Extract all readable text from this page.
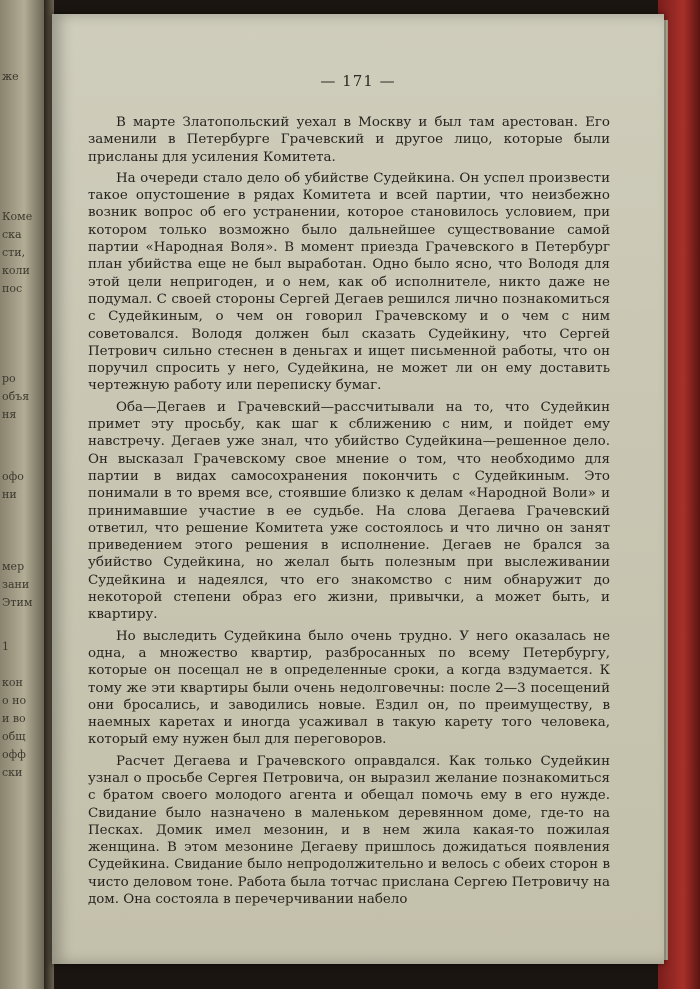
же
Коме
ска
сти,
коли
пос
ро
объя
ня
офо
ни
мер
зани
Этим
1
кон
о но
и во
общ
офф
ски
— 171 —

В марте Златопольский уехал в Москву и был там арестован. Его заменили в Петербурге Грачевский и другое лицо, которые были присланы для усиления Комитета.

На очереди стало дело об убийстве Судейкина. Он успел произвести такое опустошение в рядах Комитета и всей партии, что неизбежно возник вопрос об его устранении, которое становилось условием, при котором только возможно было дальнейшее существование самой партии «Народная Воля». В момент приезда Грачевского в Петербург план убийства еще не был выработан. Одно было ясно, что Володя для этой цели непригоден, и о нем, как об исполнителе, никто даже не подумал. С своей стороны Сергей Дегаев решился лично познакомиться с Судейкиным, о чем он говорил Грачевскому и о чем с ним советовался. Володя должен был сказать Судейкину, что Сергей Петрович сильно стеснен в деньгах и ищет письменной работы, что он поручил спросить у него, Судейкина, не может ли он ему доставить чертежную работу или переписку бумаг.

Оба—Дегаев и Грачевский—рассчитывали на то, что Судейкин примет эту просьбу, как шаг к сближению с ним, и пойдет ему навстречу. Дегаев уже знал, что убийство Судейкина—решенное дело. Он высказал Грачевскому свое мнение о том, что необходимо для партии в видах самосохранения покончить с Судейкиным. Это понимали в то время все, стоявшие близко к делам «Народной Воли» и принимавшие участие в ее судьбе. На слова Дегаева Грачевский ответил, что решение Комитета уже состоялось и что лично он занят приведением этого решения в исполнение. Дегаев не брался за убийство Судейкина, но желал быть полезным при выслеживании Судейкина и надеялся, что его знакомство с ним обнаружит до некоторой степени образ его жизни, привычки, а может быть, и квартиру.

Но выследить Судейкина было очень трудно. У него оказалась не одна, а множество квартир, разбросанных по всему Петербургу, которые он посещал не в определенные сроки, а когда вздумается. К тому же эти квартиры были очень недолговечны: после 2—3 посещений они бросались, и заводились новые. Ездил он, по преимуществу, в наемных каретах и иногда усаживал в такую карету того человека, который ему нужен был для переговоров.

Расчет Дегаева и Грачевского оправдался. Как только Судейкин узнал о просьбе Сергея Петровича, он выразил желание познакомиться с братом своего молодого агента и обещал помочь ему в его нужде. Свидание было назначено в маленьком деревянном доме, где-то на Песках. Домик имел мезонин, и в нем жила какая-то пожилая женщина. В этом мезонине Дегаеву пришлось дожидаться появления Судейкина. Свидание было непродолжительно и велось с обеих сторон в чисто деловом тоне. Работа была тотчас прислана Сергею Петровичу на дом. Она состояла в перечерчивании набело
